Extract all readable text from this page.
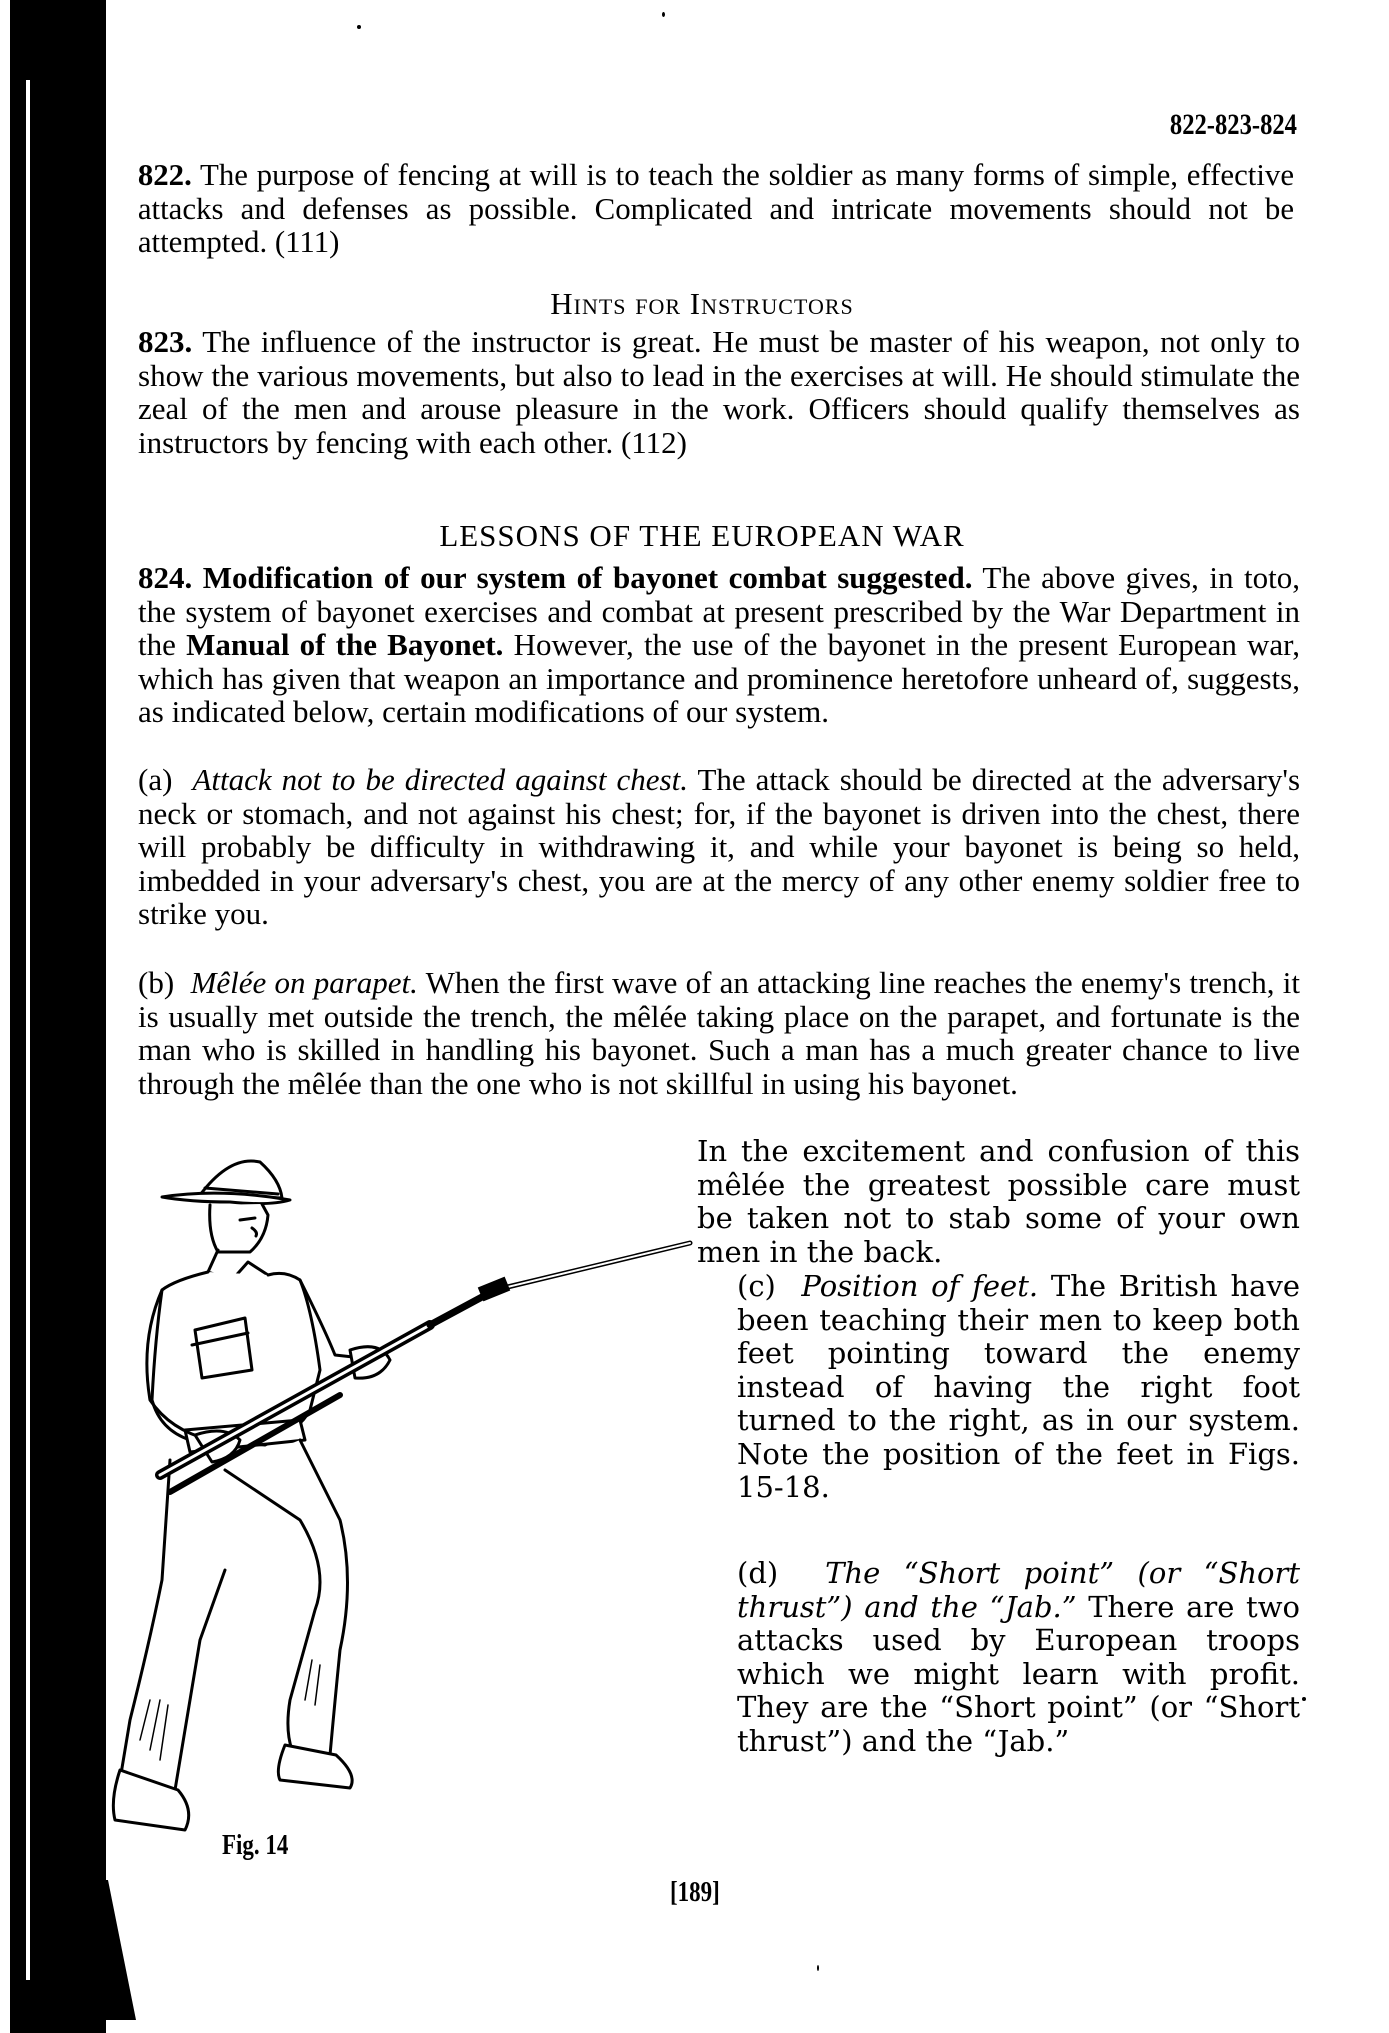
822-823-824

822. The purpose of fencing at will is to teach the soldier as many forms of simple, effective attacks and defenses as possible. Complicated and intricate movements should not be attempted. (111)

Hints for Instructors

823. The influence of the instructor is great. He must be master of his weapon, not only to show the various movements, but also to lead in the exercises at will. He should stimulate the zeal of the men and arouse pleasure in the work. Officers should qualify themselves as instructors by fencing with each other. (112)

LESSONS OF THE EUROPEAN WAR

824. Modification of our system of bayonet combat suggested. The above gives, in toto, the system of bayonet exercises and combat at present prescribed by the War Department in the Manual of the Bayonet. However, the use of the bayonet in the present European war, which has given that weapon an importance and prominence heretofore unheard of, suggests, as indicated below, certain modifications of our system.

(a) Attack not to be directed against chest. The attack should be directed at the adversary's neck or stomach, and not against his chest; for, if the bayonet is driven into the chest, there will probably be difficulty in withdrawing it, and while your bayonet is being so held, imbedded in your adversary's chest, you are at the mercy of any other enemy soldier free to strike you.

(b) Mêlée on parapet. When the first wave of an attacking line reaches the enemy's trench, it is usually met outside the trench, the mêlée taking place on the parapet, and fortunate is the man who is skilled in handling his bayonet. Such a man has a much greater chance to live through the mêlée than the one who is not skillful in using his bayonet.

In the excitement and confusion of this mêlée the greatest possible care must be taken not to stab some of your own men in the back.

(c) Position of feet. The British have been teaching their men to keep both feet pointing toward the enemy instead of having the right foot turned to the right, as in our system. Note the position of the feet in Figs. 15-18.

(d) The “Short point” (or “Short thrust”) and the “Jab.” There are two attacks used by European troops which we might learn with profit. They are the “Short point” (or “Short thrust”) and the “Jab.”

Fig. 14
[189]
